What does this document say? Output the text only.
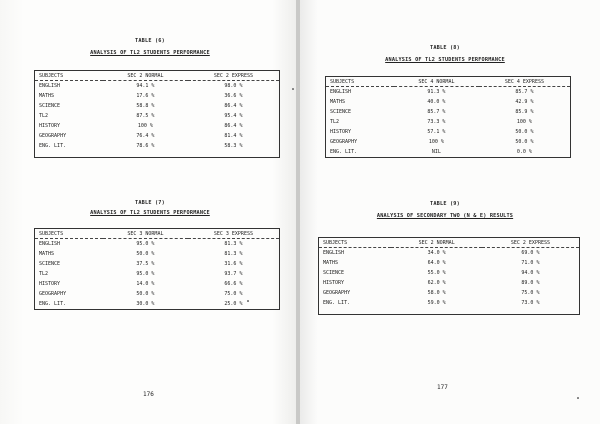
TABLE (6)
ANALYSIS OF TL2 STUDENTS PERFORMANCE
SUBJECTS	SEC 2 NORMAL	SEC 2 EXPRESS
ENGLISH	94.1 %	98.0 %
MATHS	17.6 %	36.6 %
SCIENCE	58.8 %	86.4 %
TL2	87.5 %	95.4 %
HISTORY	100 %	86.4 %
GEOGRAPHY	76.4 %	81.4 %
ENG. LIT.	78.6 %	58.3 %

TABLE (7)
ANALYSIS OF TL2 STUDENTS PERFORMANCE
SUBJECTS	SEC 3 NORMAL	SEC 3 EXPRESS
ENGLISH	95.0 %	81.3 %
MATHS	50.0 %	81.3 %
SCIENCE	37.5 %	31.6 %
TL2	95.0 %	93.7 %
HISTORY	14.0 %	66.6 %
GEOGRAPHY	50.0 %	75.0 %
ENG. LIT.	30.0 %	25.0 %
176
TABLE (8)
ANALYSIS OF TL2 STUDENTS PERFORMANCE
SUBJECTS	SEC 4 NORMAL	SEC 4 EXPRESS
ENGLISH	91.3 %	85.7 %
MATHS	40.0 %	42.9 %
SCIENCE	85.7 %	85.9 %
TL2	73.3 %	100 %
HISTORY	57.1 %	50.0 %
GEOGRAPHY	100 %	50.0 %
ENG. LIT.	NIL	0.0 %
TABLE (9)
ANALYSIS OF SECONDARY TWO (N & E) RESULTS
SUBJECTS	SEC 2 NORMAL	SEC 2 EXPRESS
ENGLISH	34.0 %	69.0 %
MATHS	64.0 %	71.0 %
SCIENCE	55.0 %	94.0 %
HISTORY	62.0 %	89.0 %
GEOGRAPHY	58.0 %	75.0 %
ENG. LIT.	59.0 %	73.0 %

177
